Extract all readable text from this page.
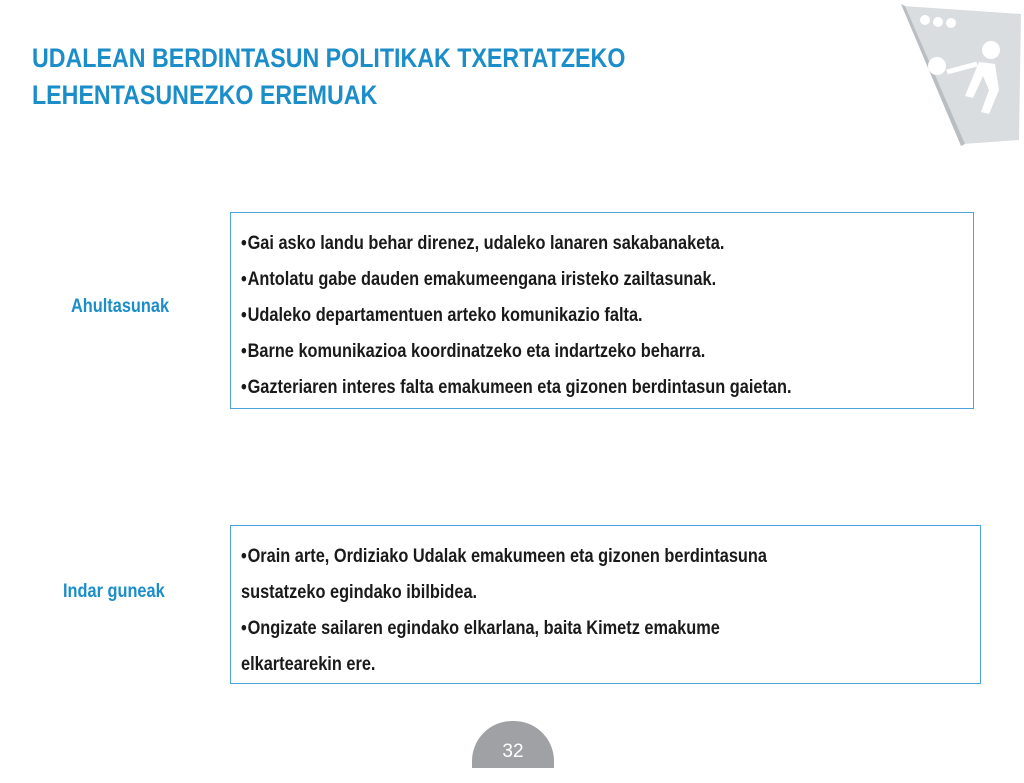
UDALEAN BERDINTASUN POLITIKAK TXERTATZEKO
LEHENTASUNEZKO EREMUAK
Ahultasunak
•Gai asko landu behar direnez, udaleko lanaren sakabanaketa.
•Antolatu gabe dauden emakumeengana iristeko zailtasunak.
•Udaleko departamentuen arteko komunikazio falta.
•Barne komunikazioa koordinatzeko eta indartzeko beharra.
•Gazteriaren interes falta emakumeen eta gizonen berdintasun gaietan.
Indar guneak
•Orain arte, Ordiziako Udalak emakumeen eta gizonen berdintasuna
sustatzeko egindako ibilbidea.
•Ongizate sailaren egindako elkarlana, baita Kimetz emakume
elkartearekin ere.
32
